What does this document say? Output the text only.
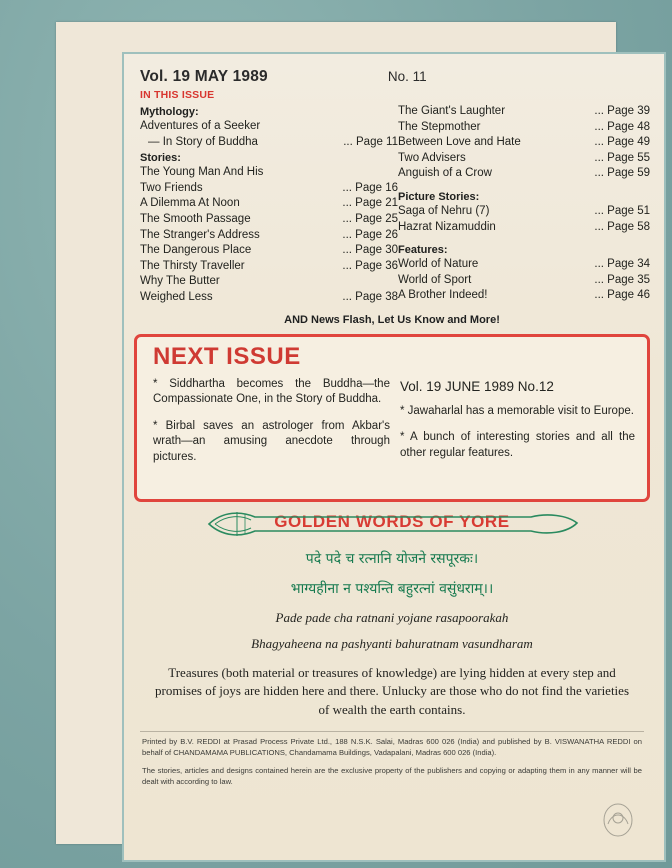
Vol. 19 MAY 1989	No. 11
IN THIS ISSUE
Mythology:
Adventures of a Seeker
— In Story of Buddha	... Page 11
Stories:
The Young Man And His
Two Friends	... Page 16
A Dilemma At Noon	... Page 21
The Smooth Passage	... Page 25
The Stranger's Address	... Page 26
The Dangerous Place	... Page 30
The Thirsty Traveller	... Page 36
Why The Butter
Weighed Less	... Page 38
The Giant's Laughter	... Page 39
The Stepmother	... Page 48
Between Love and Hate	... Page 49
Two Advisers	... Page 55
Anguish of a Crow	... Page 59
Picture Stories:
Saga of Nehru (7)	... Page 51
Hazrat Nizamuddin	... Page 58
Features:
World of Nature	... Page 34
World of Sport	... Page 35
A Brother Indeed!	... Page 46
AND News Flash, Let Us Know and More!
NEXT ISSUE
* Siddhartha becomes the Buddha—the Compassionate One, in the Story of Buddha.
* Birbal saves an astrologer from Akbar's wrath—an amusing anecdote through pictures.
Vol. 19 JUNE 1989 No.12
* Jawaharlal has a memorable visit to Europe.
* A bunch of interesting stories and all the other regular features.
GOLDEN WORDS OF YORE
पदे पदे च रत्नानि योजने रसपूरकः।
भाग्यहीना न पश्यन्ति बहुरत्नां वसुंधराम्।।
Pade pade cha ratnani yojane rasapoorakah
Bhagyaheena na pashyanti bahuratnam vasundharam
Treasures (both material or treasures of knowledge) are lying hidden at every step and promises of joys are hidden here and there. Unlucky are those who do not find the varieties of wealth the earth contains.
Printed by B.V. REDDI at Prasad Process Private Ltd., 188 N.S.K. Salai, Madras 600 026 (India) and published by B. VISWANATHA REDDI on behalf of CHANDAMAMA PUBLICATIONS, Chandamama Buildings, Vadapalani, Madras 600 026 (India).
The stories, articles and designs contained herein are the exclusive property of the publishers and copying or adapting them in any manner will be dealt with according to law.
